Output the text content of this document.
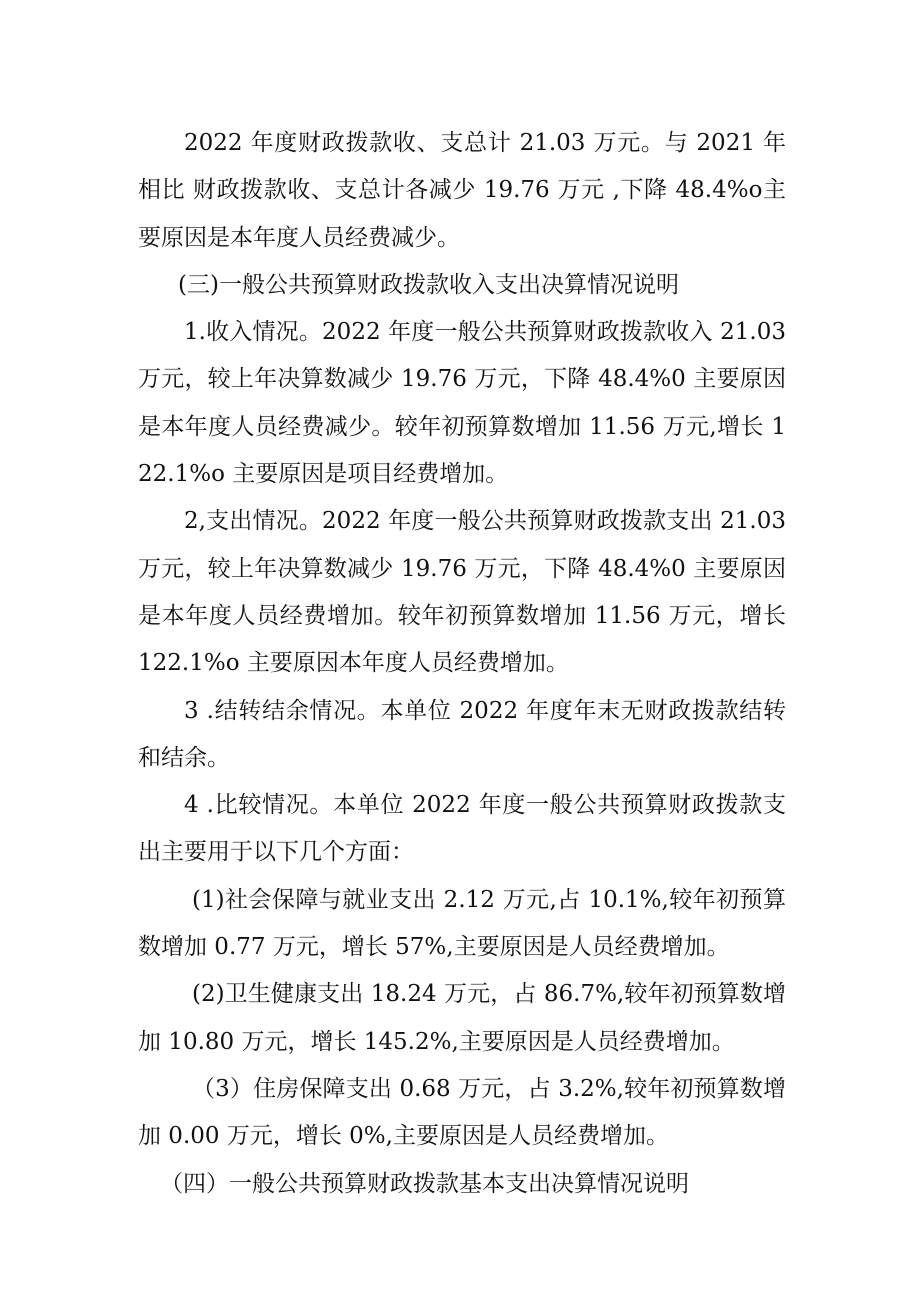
2022 年度财政拨款收、支总计 21.03 万元。与 2021 年相比 财政拨款收、支总计各减少 19.76 万元 ,下降 48.4%o主要原因是本年度人员经费减少。

(三)一般公共预算财政拨款收入支出决算情况说明

1.收入情况。2022 年度一般公共预算财政拨款收入 21.03 万元，较上年决算数减少 19.76 万元，下降 48.4%0 主要原因是本年度人员经费减少。较年初预算数增加 11.56 万元,增长 122.1%o 主要原因是项目经费增加。

2,支出情况。2022 年度一般公共预算财政拨款支出 21.03 万元，较上年决算数减少 19.76 万元，下降 48.4%0 主要原因是本年度人员经费增加。较年初预算数增加 11.56 万元，增长 122.1%o 主要原因本年度人员经费增加。

3 .结转结余情况。本单位 2022 年度年末无财政拨款结转和结余。

4 .比较情况。本单位 2022 年度一般公共预算财政拨款支出主要用于以下几个方面：

(1)社会保障与就业支出 2.12 万元,占 10.1%,较年初预算数增加 0.77 万元，增长 57%,主要原因是人员经费增加。

(2)卫生健康支出 18.24 万元，占 86.7%,较年初预算数增加 10.80 万元，增长 145.2%,主要原因是人员经费增加。

（3）住房保障支出 0.68 万元，占 3.2%,较年初预算数增加 0.00 万元，增长 0%,主要原因是人员经费增加。

（四）一般公共预算财政拨款基本支出决算情况说明
